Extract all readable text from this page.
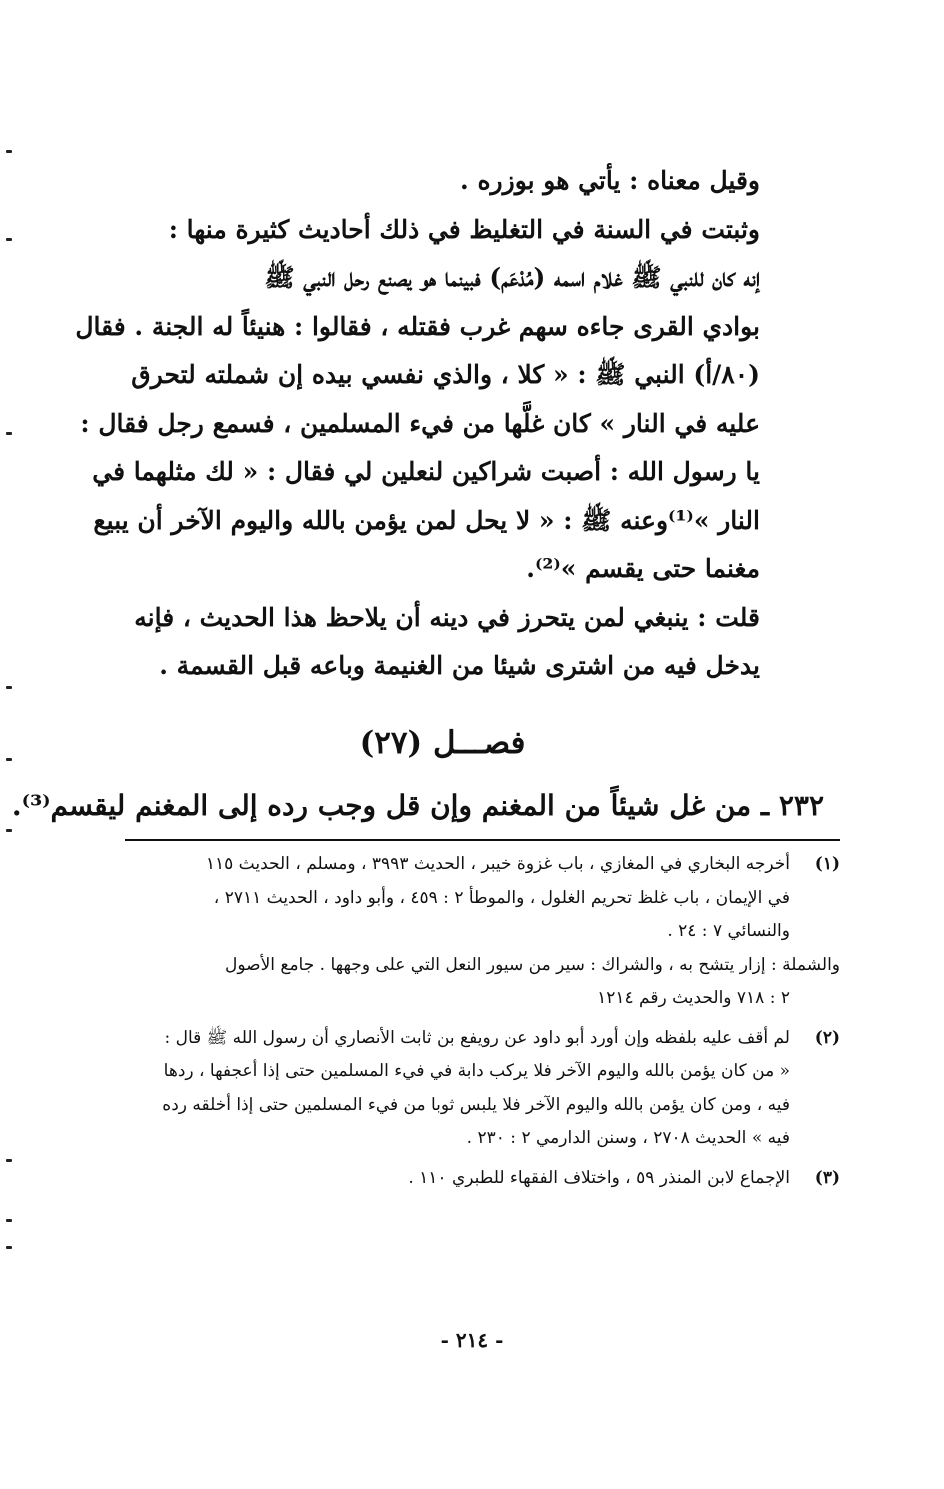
وقيل معناه : يأتي هو بوزره .

وثبتت في السنة في التغليظ في ذلك أحاديث كثيرة منها :

إنه كان للنبي ﷺ غلام اسمه (مُدْعَم) فبينما هو يصنع رحل النبي ﷺ

بوادي القرى جاءه سهم غرب فقتله ، فقالوا : هنيئاً له الجنة . فقال

(٨٠/أ) النبي ﷺ : « كلا ، والذي نفسي بيده إن شملته لتحرق

عليه في النار » كان غلَّها من فيء المسلمين ، فسمع رجل فقال :

يا رسول الله : أصبت شراكين لنعلين لي فقال : « لك مثلهما في

النار »⁽¹⁾وعنه ﷺ : « لا يحل لمن يؤمن بالله واليوم الآخر أن يبيع

مغنما حتى يقسم »⁽²⁾.

قلت : ينبغي لمن يتحرز في دينه أن يلاحظ هذا الحديث ، فإنه

يدخل فيه من اشترى شيئا من الغنيمة وباعه قبل القسمة .

فصـــل (٢٧)

٢٣٢ ـ من غل شيئاً من المغنم وإن قل وجب رده إلى المغنم ليقسم⁽³⁾.

(١)
أخرجه البخاري في المغازي ، باب غزوة خيبر ، الحديث ٣٩٩٣ ، ومسلم ، الحديث ١١٥
في الإيمان ، باب غلظ تحريم الغلول ، والموطأ ٢ : ٤٥٩ ، وأبو داود ، الحديث ٢٧١١ ،
والنسائي ٧ : ٢٤ .
والشملة : إزار يتشح به ، والشراك : سير من سيور النعل التي على وجهها . جامع الأصول
٢ : ٧١٨ والحديث رقم ١٢١٤
(٢)
لم أقف عليه بلفظه وإن أورد أبو داود عن رويفع بن ثابت الأنصاري أن رسول الله ﷺ قال :
« من كان يؤمن بالله واليوم الآخر فلا يركب دابة في فيء المسلمين حتى إذا أعجفها ، ردها
فيه ، ومن كان يؤمن بالله واليوم الآخر فلا يلبس ثوبا من فيء المسلمين حتى إذا أخلقه رده
فيه » الحديث ٢٧٠٨ ، وسنن الدارمي ٢ : ٢٣٠ .
(٣)
الإجماع لابن المنذر ٥٩ ، واختلاف الفقهاء للطبري ١١٠ .
- ٢١٤ -
